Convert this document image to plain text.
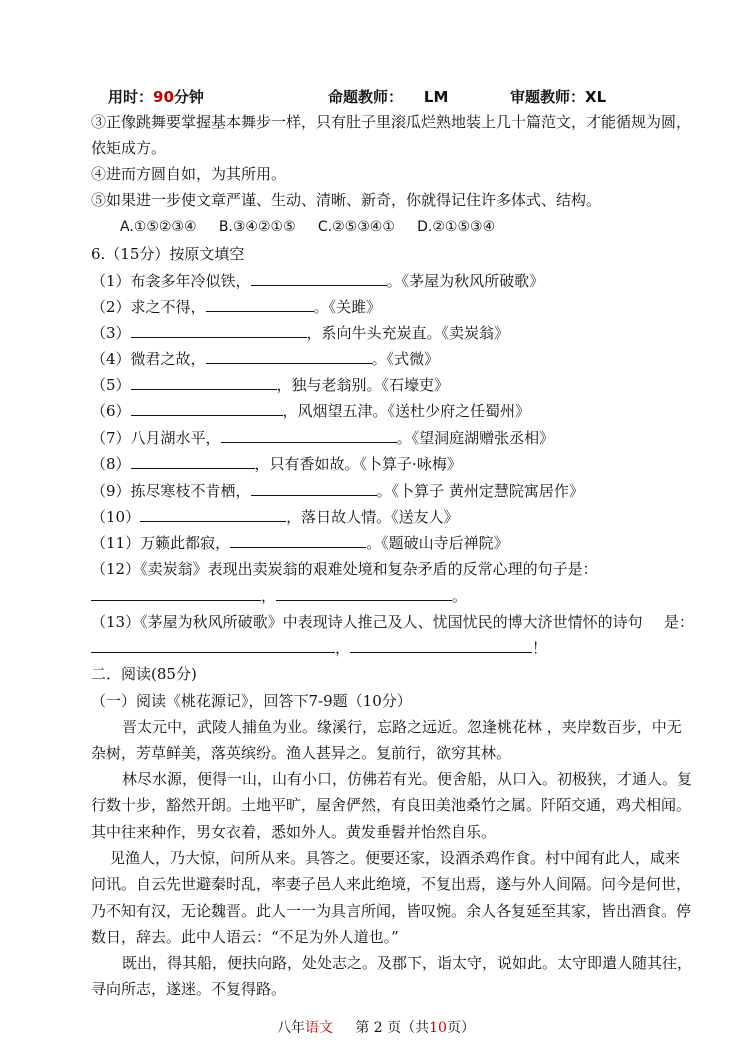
用时：90分钟	命题教师： LM	审题教师：XL
③正像跳舞要掌握基本舞步一样，只有肚子里滚瓜烂熟地装上几十篇范文，才能循规为圆，
依矩成方。
④进而方圆自如，为其所用。
⑤如果进一步使文章严谨、生动、清晰、新奇，你就得记住许多体式、结构。
A.①⑤②③④ B.③④②①⑤ C.②⑤③④① D.②①⑤③④
6.（15分）按原文填空
（1）布衾多年冷似铁，	。《茅屋为秋风所破歌》
（2）求之不得，	。《关雎》
（3）	，系向牛头充炭直。《卖炭翁》
（4）微君之故，	。《式微》
（5）	，独与老翁别。《石壕吏》
（6）	，风烟望五津。《送杜少府之任蜀州》
（7）八月湖水平，	。《望洞庭湖赠张丞相》
（8）	，只有香如故。《卜算子·咏梅》
（9）拣尽寒枝不肯栖，	。《卜算子 黄州定慧院寓居作》
（10）	，落日故人情。《送友人》
（11）万籁此都寂，	。《题破山寺后禅院》
（12）《卖炭翁》表现出卖炭翁的艰难处境和复杂矛盾的反常心理的句子是：
，	。
（13）《茅屋为秋风所破歌》中表现诗人推己及人、忧国忧民的博大济世情怀的诗句 是：
，	！
二．阅读(85分)
（一）阅读《桃花源记》，回答下7-9题（10分）
晋太元中，武陵人捕鱼为业。缘溪行，忘路之远近。忽逢桃花林 ，夹岸数百步，中无
杂树，芳草鲜美，落英缤纷。渔人甚异之。复前行，欲穷其林。
林尽水源，便得一山，山有小口，仿佛若有光。便舍船，从口入。初极狭，才通人。复
行数十步，豁然开朗。土地平旷，屋舍俨然，有良田美池桑竹之属。阡陌交通，鸡犬相闻。
其中往来种作，男女衣着，悉如外人。黄发垂髫并怡然自乐。
见渔人，乃大惊，问所从来。具答之。便要还家，设酒杀鸡作食。村中闻有此人，咸来
问讯。自云先世避秦时乱，率妻子邑人来此绝境，不复出焉，遂与外人间隔。问今是何世，
乃不知有汉，无论魏晋。此人一一为具言所闻，皆叹惋。余人各复延至其家，皆出酒食。停
数日，辞去。此中人语云：“不足为外人道也。”
既出，得其船，便扶向路，处处志之。及郡下，诣太守，说如此。太守即遣人随其往，
寻向所志，遂迷。不复得路。
八年语文 第 2 页（共10页）
